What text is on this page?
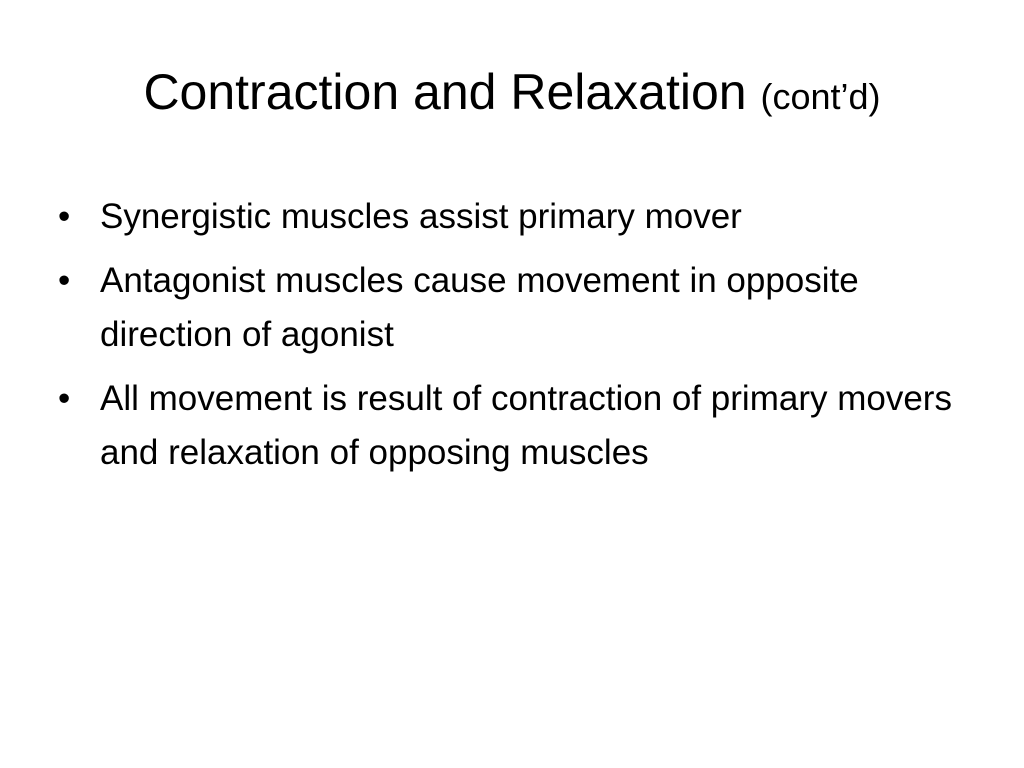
Contraction and Relaxation (cont’d)
• Synergistic muscles assist primary mover
• Antagonist muscles cause movement in opposite direction of agonist
• All movement is result of contraction of primary movers and relaxation of opposing muscles
